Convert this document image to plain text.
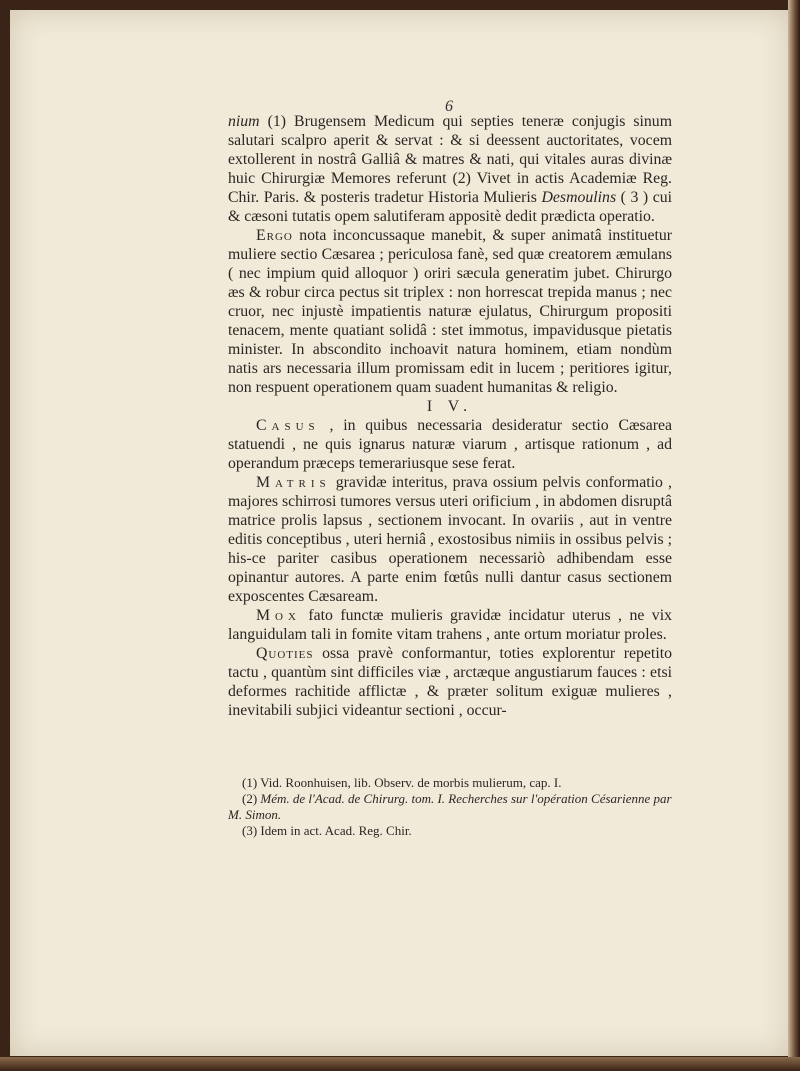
6

nium (1) Brugensem Medicum qui septies teneræ conjugis sinum salutari scalpro aperit & servat : & si deessent auctoritates, vocem extollerent in nostrâ Galliâ & matres & nati, qui vitales auras divinæ huic Chirurgiæ Memores referunt (2) Vivet in actis Academiæ Reg. Chir. Paris. & posteris tradetur Historia Mulieris Desmoulins ( 3 ) cui & cæsoni tutatis opem salutiferam appositè dedit prædicta operatio.

Ergo nota inconcussaque manebit, & super animatâ instituetur muliere sectio Cæsarea ; periculosa fanè, sed quæ creatorem æmulans ( nec impium quid alloquor ) oriri sæcula generatim jubet. Chirurgo æs & robur circa pectus sit triplex : non horrescat trepida manus ; nec cruor, nec injustè impatientis naturæ ejulatus, Chirurgum propositi tenacem, mente quatiant solidâ : stet immotus, impavidusque pietatis minister. In abscondito inchoavit natura hominem, etiam nondùm natis ars necessaria illum promissam edit in lucem ; peritiores igitur, non respuent operationem quam suadent humanitas & religio.

I V.

Casus , in quibus necessaria desideratur sectio Cæsarea statuendi , ne quis ignarus naturæ viarum , artisque rationum , ad operandum præceps temerariusque sese ferat.

Matris gravidæ interitus, prava ossium pelvis conformatio , majores schirrosi tumores versus uteri orificium , in abdomen disruptâ matrice prolis lapsus , sectionem invocant. In ovariis , aut in ventre editis conceptibus , uteri herniâ , exostosibus nimiis in ossibus pelvis ; his-ce pariter casibus operationem necessariò adhibendam esse opinantur autores. A parte enim fœtûs nulli dantur casus sectionem exposcentes Cæsaream.

Mox fato functæ mulieris gravidæ incidatur uterus , ne vix languidulam tali in fomite vitam trahens , ante ortum moriatur proles.

Quoties ossa pravè conformantur, toties explorentur repetito tactu , quantùm sint difficiles viæ , arctæque angustiarum fauces : etsi deformes rachitide afflictæ , & præter solitum exiguæ mulieres , inevitabili subjici videantur sectioni , occur-

(1) Vid. Roonhuisen, lib. Observ. de morbis mulierum, cap. I.

(2) Mém. de l'Acad. de Chirurg. tom. I. Recherches sur l'opération Césarienne par M. Simon.

(3) Idem in act. Acad. Reg. Chir.
